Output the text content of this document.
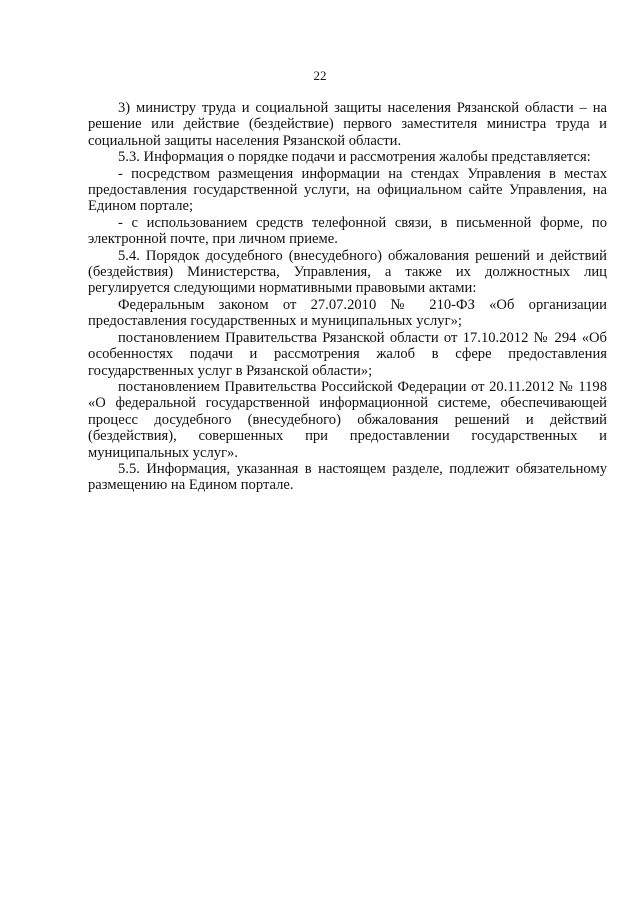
22

3) министру труда и социальной защиты населения Рязанской области – на решение или действие (бездействие) первого заместителя министра труда и социальной защиты населения Рязанской области.

5.3. Информация о порядке подачи и рассмотрения жалобы представляется:

- посредством размещения информации на стендах Управления в местах предоставления государственной услуги, на официальном сайте Управления, на Едином портале;

- с использованием средств телефонной связи, в письменной форме, по электронной почте, при личном приеме.

5.4. Порядок досудебного (внесудебного) обжалования решений и действий (бездействия) Министерства, Управления, а также их должностных лиц регулируется следующими нормативными правовыми актами:

Федеральным законом от 27.07.2010 № 210-ФЗ «Об организации предоставления государственных и муниципальных услуг»;

постановлением Правительства Рязанской области от 17.10.2012 № 294 «Об особенностях подачи и рассмотрения жалоб в сфере предоставления государственных услуг в Рязанской области»;

постановлением Правительства Российской Федерации от 20.11.2012 № 1198 «О федеральной государственной информационной системе, обеспечивающей процесс досудебного (внесудебного) обжалования решений и действий (бездействия), совершенных при предоставлении государственных и муниципальных услуг».

5.5. Информация, указанная в настоящем разделе, подлежит обязательному размещению на Едином портале.
